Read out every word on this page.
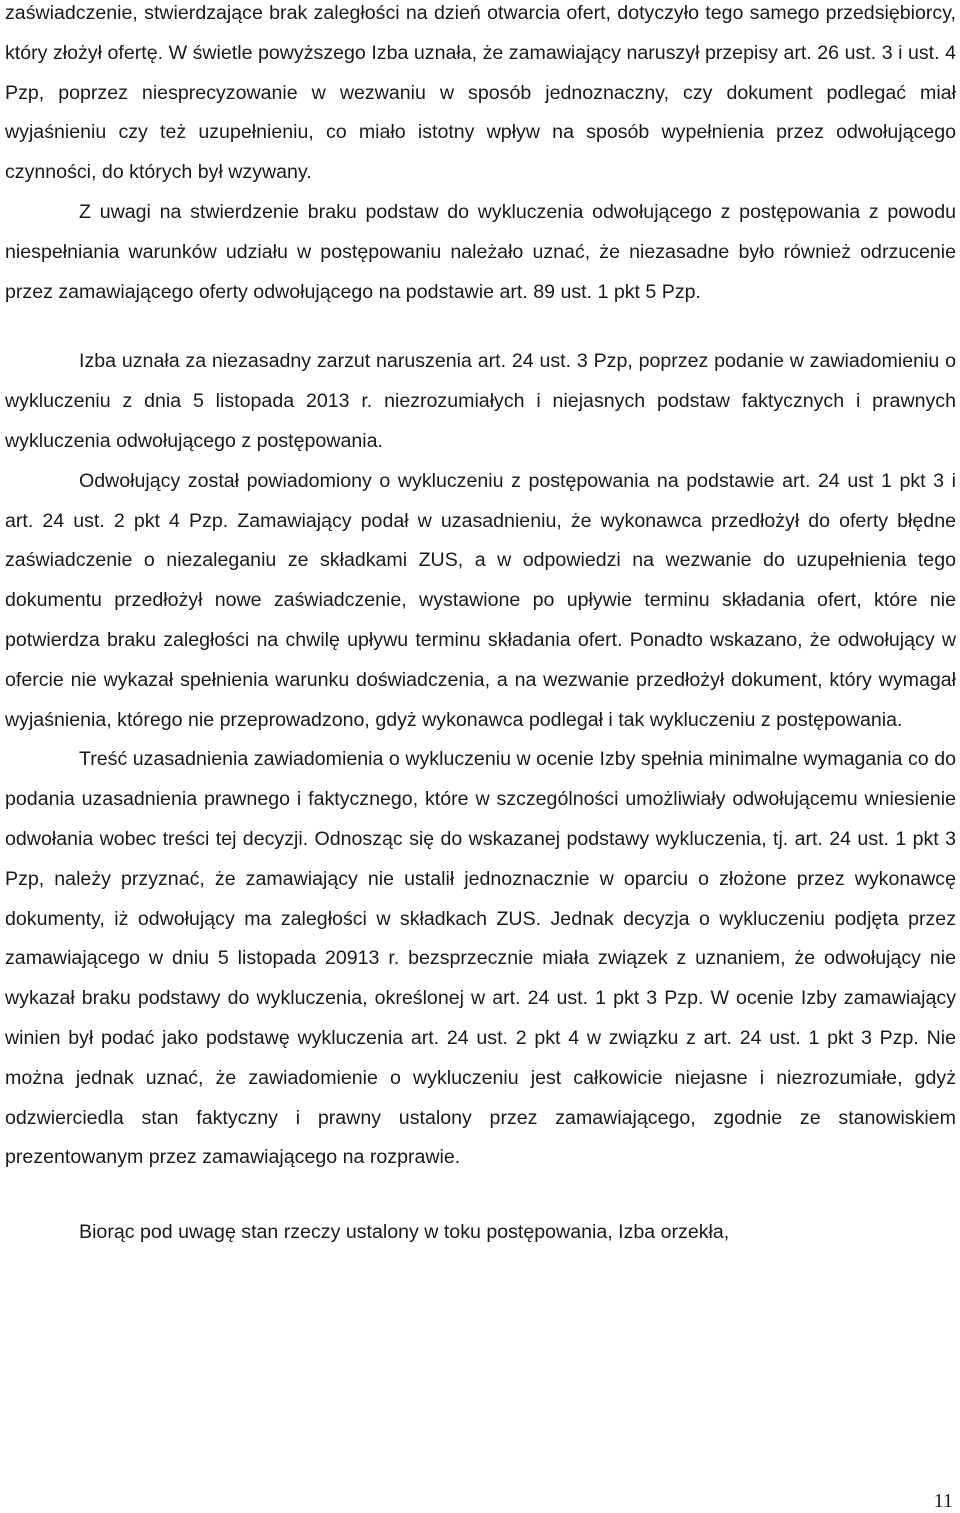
zaświadczenie, stwierdzające brak zaległości na dzień otwarcia ofert, dotyczyło tego samego przedsiębiorcy, który złożył ofertę. W świetle powyższego Izba uznała, że zamawiający naruszył przepisy art. 26 ust. 3 i ust. 4 Pzp, poprzez niesprecyzowanie w wezwaniu w sposób jednoznaczny, czy dokument podlegać miał wyjaśnieniu czy też uzupełnieniu, co miało istotny wpływ na sposób wypełnienia przez odwołującego czynności, do których był wzywany.

Z uwagi na stwierdzenie braku podstaw do wykluczenia odwołującego z postępowania z powodu niespełniania warunków udziału w postępowaniu należało uznać, że niezasadne było również odrzucenie przez zamawiającego oferty odwołującego na podstawie art. 89 ust. 1 pkt 5 Pzp.

Izba uznała za niezasadny zarzut naruszenia art. 24 ust. 3 Pzp, poprzez podanie w zawiadomieniu o wykluczeniu z dnia 5 listopada 2013 r. niezrozumiałych i niejasnych podstaw faktycznych i prawnych wykluczenia odwołującego z postępowania.

Odwołujący został powiadomiony o wykluczeniu z postępowania na podstawie art. 24 ust 1 pkt 3 i art. 24 ust. 2 pkt 4 Pzp. Zamawiający podał w uzasadnieniu, że wykonawca przedłożył do oferty błędne zaświadczenie o niezaleganiu ze składkami ZUS, a w odpowiedzi na wezwanie do uzupełnienia tego dokumentu przedłożył nowe zaświadczenie, wystawione po upływie terminu składania ofert, które nie potwierdza braku zaległości na chwilę upływu terminu składania ofert. Ponadto wskazano, że odwołujący w ofercie nie wykazał spełnienia warunku doświadczenia, a na wezwanie przedłożył dokument, który wymagał wyjaśnienia, którego nie przeprowadzono, gdyż wykonawca podlegał i tak wykluczeniu z postępowania.

Treść uzasadnienia zawiadomienia o wykluczeniu w ocenie Izby spełnia minimalne wymagania co do podania uzasadnienia prawnego i faktycznego, które w szczególności umożliwiały odwołującemu wniesienie odwołania wobec treści tej decyzji. Odnosząc się do wskazanej podstawy wykluczenia, tj. art. 24 ust. 1 pkt 3 Pzp, należy przyznać, że zamawiający nie ustalił jednoznacznie w oparciu o złożone przez wykonawcę dokumenty, iż odwołujący ma zaległości w składkach ZUS. Jednak decyzja o wykluczeniu podjęta przez zamawiającego w dniu 5 listopada 20913 r. bezsprzecznie miała związek z uznaniem, że odwołujący nie wykazał braku podstawy do wykluczenia, określonej w art. 24 ust. 1 pkt 3 Pzp. W ocenie Izby zamawiający winien był podać jako podstawę wykluczenia art. 24 ust. 2 pkt 4 w związku z art. 24 ust. 1 pkt 3 Pzp. Nie można jednak uznać, że zawiadomienie o wykluczeniu jest całkowicie niejasne i niezrozumiałe, gdyż odzwierciedla stan faktyczny i prawny ustalony przez zamawiającego, zgodnie ze stanowiskiem prezentowanym przez zamawiającego na rozprawie.

Biorąc pod uwagę stan rzeczy ustalony w toku postępowania, Izba orzekła,

11
